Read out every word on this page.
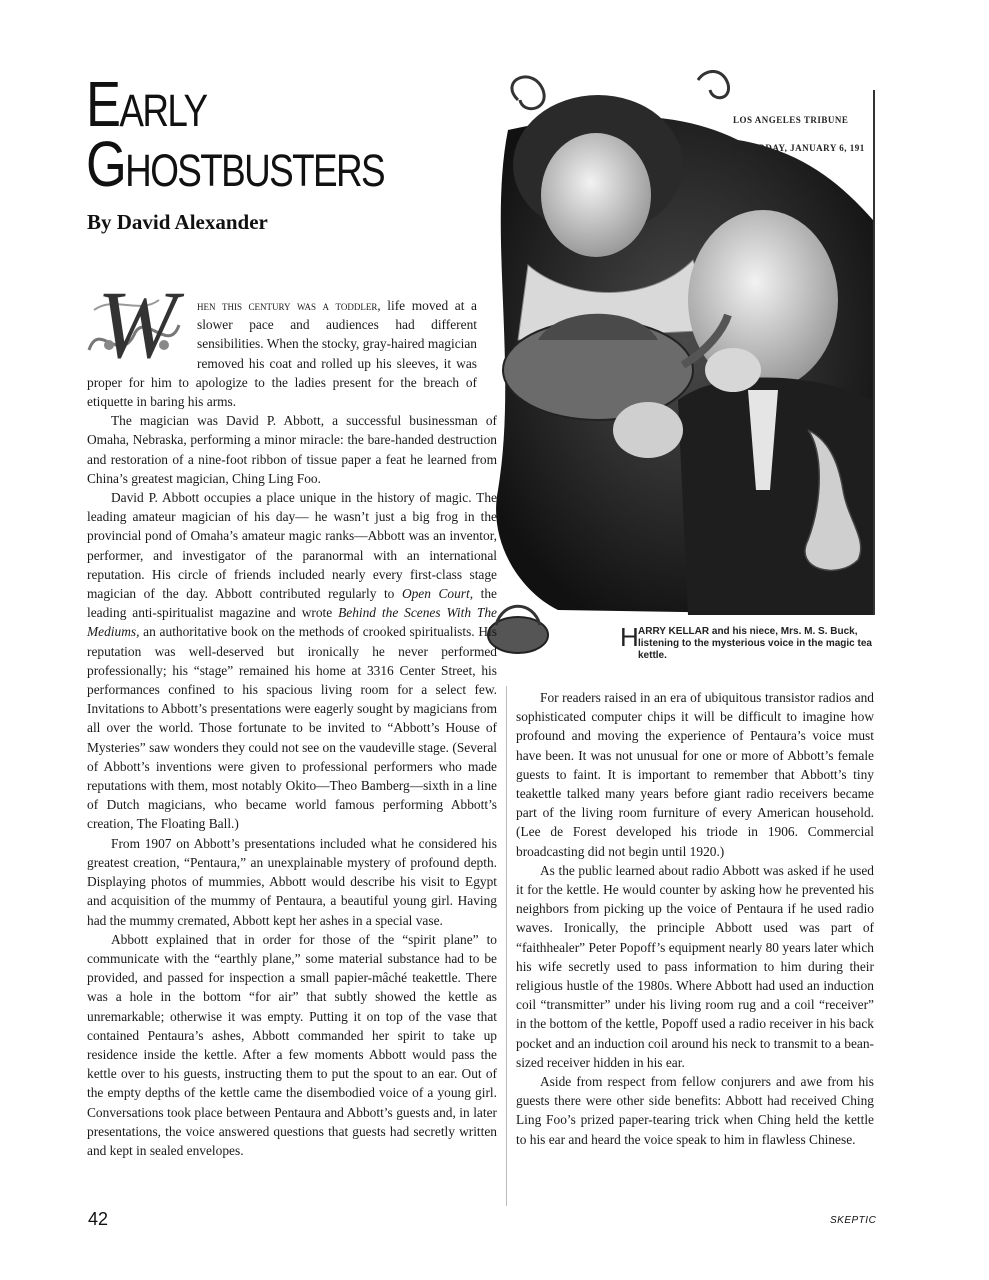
Early
Ghostbusters

By David Alexander

LOS ANGELES TRIBUNE
SATURDAY, JANUARY 6, 191
H ARRY KELLAR and his niece, Mrs. M. S. Buck, listening to the mysterious voice in the magic tea kettle.

W hen this century was a toddler, life moved at a slower pace and audiences had different sensibilities. When the stocky, gray-haired magician removed his coat and rolled up his sleeves, it was proper for him to apologize to the ladies present for the breach of etiquette in baring his arms.

The magician was David P. Abbott, a successful businessman of Omaha, Nebraska, performing a minor miracle: the bare-handed destruction and restoration of a nine-foot ribbon of tissue paper a feat he learned from China’s greatest magician, Ching Ling Foo.

David P. Abbott occupies a place unique in the history of magic. The leading amateur magician of his day— he wasn’t just a big frog in the provincial pond of Omaha’s amateur magic ranks—Abbott was an inventor, performer, and investigator of the paranormal with an international reputation. His circle of friends included nearly every first-class stage magician of the day. Abbott contributed regularly to Open Court, the leading anti-spiritualist magazine and wrote Behind the Scenes With The Mediums, an authoritative book on the methods of crooked spiritualists. His reputation was well-deserved but ironically he never performed professionally; his “stage” remained his home at 3316 Center Street, his performances confined to his spacious living room for a select few. Invitations to Abbott’s presentations were eagerly sought by magicians from all over the world. Those fortunate to be invited to “Abbott’s House of Mysteries” saw wonders they could not see on the vaudeville stage. (Several of Abbott’s inventions were given to professional performers who made reputations with them, most notably Okito—Theo Bamberg—sixth in a line of Dutch magicians, who became world famous performing Abbott’s creation, The Floating Ball.)

From 1907 on Abbott’s presentations included what he considered his greatest creation, “Pentaura,” an unexplainable mystery of profound depth. Displaying photos of mummies, Abbott would describe his visit to Egypt and acquisition of the mummy of Pentaura, a beautiful young girl. Having had the mummy cremated, Abbott kept her ashes in a special vase.

Abbott explained that in order for those of the “spirit plane” to communicate with the “earthly plane,” some material substance had to be provided, and passed for inspection a small papier-mâché teakettle. There was a hole in the bottom “for air” that subtly showed the kettle as unremarkable; otherwise it was empty. Putting it on top of the vase that contained Pentaura’s ashes, Abbott commanded her spirit to take up residence inside the kettle. After a few moments Abbott would pass the kettle over to his guests, instructing them to put the spout to an ear. Out of the empty depths of the kettle came the disembodied voice of a young girl. Conversations took place between Pentaura and Abbott’s guests and, in later presentations, the voice answered questions that guests had secretly written and kept in sealed envelopes.

For readers raised in an era of ubiquitous transistor radios and sophisticated computer chips it will be difficult to imagine how profound and moving the experience of Pentaura’s voice must have been. It was not unusual for one or more of Abbott’s female guests to faint. It is important to remember that Abbott’s tiny teakettle talked many years before giant radio receivers became part of the living room furniture of every American household. (Lee de Forest developed his triode in 1906. Commercial broadcasting did not begin until 1920.)

As the public learned about radio Abbott was asked if he used it for the kettle. He would counter by asking how he prevented his neighbors from picking up the voice of Pentaura if he used radio waves. Ironically, the principle Abbott used was part of “faithhealer” Peter Popoff’s equipment nearly 80 years later which his wife secretly used to pass information to him during their religious hustle of the 1980s. Where Abbott had used an induction coil “transmitter” under his living room rug and a coil “receiver” in the bottom of the kettle, Popoff used a radio receiver in his back pocket and an induction coil around his neck to transmit to a bean-sized receiver hidden in his ear.

Aside from respect from fellow conjurers and awe from his guests there were other side benefits: Abbott had received Ching Ling Foo’s prized paper-tearing trick when Ching held the kettle to his ear and heard the voice speak to him in flawless Chinese.

42	SKEPTIC
